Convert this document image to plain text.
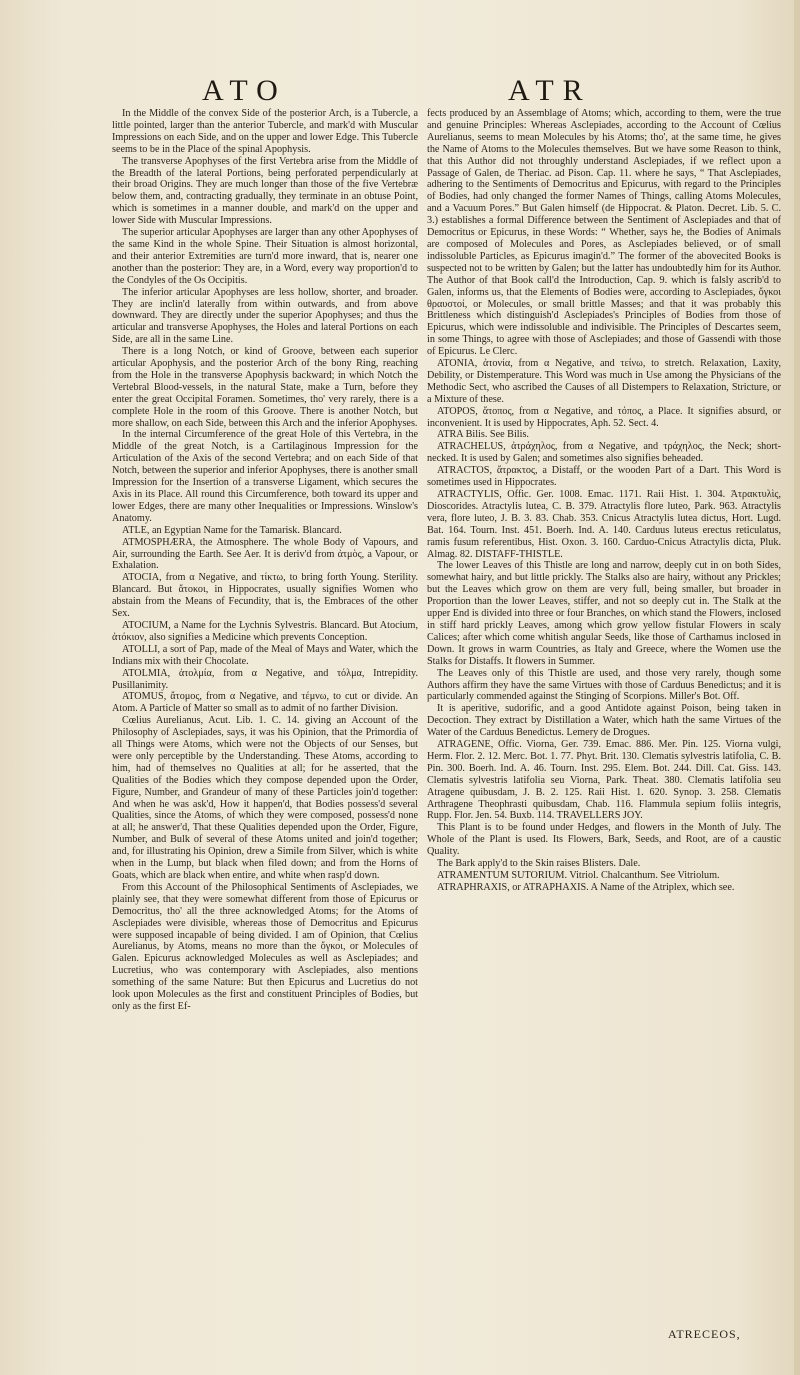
ATO	ATR

In the Middle of the convex Side of the posterior Arch, is a Tubercle, a little pointed, larger than the anterior Tubercle, and mark'd with Muscular Impressions on each Side, and on the upper and lower Edge. This Tubercle seems to be in the Place of the spinal Apophysis.

The transverse Apophyses of the first Vertebra arise from the Middle of the Breadth of the lateral Portions, being perforated perpendicularly at their broad Origins. They are much longer than those of the five Vertebræ below them, and, contracting gradually, they terminate in an obtuse Point, which is sometimes in a manner double, and mark'd on the upper and lower Side with Muscular Impressions.

The superior articular Apophyses are larger than any other Apophyses of the same Kind in the whole Spine. Their Situation is almost horizontal, and their anterior Extremities are turn'd more inward, that is, nearer one another than the posterior: They are, in a Word, every way proportion'd to the Condyles of the Os Occipitis.

The inferior articular Apophyses are less hollow, shorter, and broader. They are inclin'd laterally from within outwards, and from above downward. They are directly under the superior Apophyses; and thus the articular and transverse Apophyses, the Holes and lateral Portions on each Side, are all in the same Line.

There is a long Notch, or kind of Groove, between each superior articular Apophysis, and the posterior Arch of the bony Ring, reaching from the Hole in the transverse Apophysis backward; in which Notch the Vertebral Blood-vessels, in the natural State, make a Turn, before they enter the great Occipital Foramen. Sometimes, tho' very rarely, there is a complete Hole in the room of this Groove. There is another Notch, but more shallow, on each Side, between this Arch and the inferior Apophyses.

In the internal Circumference of the great Hole of this Vertebra, in the Middle of the great Notch, is a Cartilaginous Impression for the Articulation of the Axis of the second Vertebra; and on each Side of that Notch, between the superior and inferior Apophyses, there is another small Impression for the Insertion of a transverse Ligament, which secures the Axis in its Place. All round this Circumference, both toward its upper and lower Edges, there are many other Inequalities or Impressions. Winslow's Anatomy.

ATLE, an Egyptian Name for the Tamarisk. Blancard.

ATMOSPHÆRA, the Atmosphere. The whole Body of Vapours, and Air, surrounding the Earth. See Aer. It is deriv'd from ἀτμὸς, a Vapour, or Exhalation.

ATOCIA, from α Negative, and τίκτω, to bring forth Young. Sterility. Blancard. But ἄτοκοι, in Hippocrates, usually signifies Women who abstain from the Means of Fecundity, that is, the Embraces of the other Sex.

ATOCIUM, a Name for the Lychnis Sylvestris. Blancard. But Atocium, ἀτόκιον, also signifies a Medicine which prevents Conception.

ATOLLI, a sort of Pap, made of the Meal of Mays and Water, which the Indians mix with their Chocolate.

ATOLMIA, ἀτολμία, from α Negative, and τόλμα, Intrepidity. Pusillanimity.

ATOMUS, ἄτομος, from α Negative, and τέμνω, to cut or divide. An Atom. A Particle of Matter so small as to admit of no farther Division.

Cœlius Aurelianus, Acut. Lib. 1. C. 14. giving an Account of the Philosophy of Asclepiades, says, it was his Opinion, that the Primordia of all Things were Atoms, which were not the Objects of our Senses, but were only perceptible by the Understanding. These Atoms, according to him, had of themselves no Qualities at all; for he asserted, that the Qualities of the Bodies which they compose depended upon the Order, Figure, Number, and Grandeur of many of these Particles join'd together: And when he was ask'd, How it happen'd, that Bodies possess'd several Qualities, since the Atoms, of which they were composed, possess'd none at all; he answer'd, That these Qualities depended upon the Order, Figure, Number, and Bulk of several of these Atoms united and join'd together; and, for illustrating his Opinion, drew a Simile from Silver, which is white when in the Lump, but black when filed down; and from the Horns of Goats, which are black when entire, and white when rasp'd down.

From this Account of the Philosophical Sentiments of Asclepiades, we plainly see, that they were somewhat different from those of Epicurus or Democritus, tho' all the three acknowledged Atoms; for the Atoms of Asclepiades were divisible, whereas those of Democritus and Epicurus were supposed incapable of being divided. I am of Opinion, that Cœlius Aurelianus, by Atoms, means no more than the ὄγκοι, or Molecules of Galen. Epicurus acknowledged Molecules as well as Asclepiades; and Lucretius, who was contemporary with Asclepiades, also mentions something of the same Nature: But then Epicurus and Lucretius do not look upon Molecules as the first and constituent Principles of Bodies, but only as the first Ef-

fects produced by an Assemblage of Atoms; which, according to them, were the true and genuine Principles: Whereas Asclepiades, according to the Account of Cœlius Aurelianus, seems to mean Molecules by his Atoms; tho', at the same time, he gives the Name of Atoms to the Molecules themselves. But we have some Reason to think, that this Author did not throughly understand Asclepiades, if we reflect upon a Passage of Galen, de Theriac. ad Pison. Cap. 11. where he says, “ That Asclepiades, adhering to the Sentiments of Democritus and Epicurus, with regard to the Principles of Bodies, had only changed the former Names of Things, calling Atoms Molecules, and a Vacuum Pores.” But Galen himself (de Hippocrat. & Platon. Decret. Lib. 5. C. 3.) establishes a formal Difference between the Sentiment of Asclepiades and that of Democritus or Epicurus, in these Words: “ Whether, says he, the Bodies of Animals are composed of Molecules and Pores, as Asclepiades believed, or of small indissoluble Particles, as Epicurus imagin'd.” The former of the abovecited Books is suspected not to be written by Galen; but the latter has undoubtedly him for its Author. The Author of that Book call'd the Introduction, Cap. 9. which is falsly ascrib'd to Galen, informs us, that the Elements of Bodies were, according to Asclepiades, ὄγκοι θραυστοί, or Molecules, or small brittle Masses; and that it was probably this Brittleness which distinguish'd Asclepiades's Principles of Bodies from those of Epicurus, which were indissoluble and indivisible. The Principles of Descartes seem, in some Things, to agree with those of Asclepiades; and those of Gassendi with those of Epicurus. Le Clerc.

ATONIA, ἀτονία, from α Negative, and τείνω, to stretch. Relaxation, Laxity, Debility, or Distemperature. This Word was much in Use among the Physicians of the Methodic Sect, who ascribed the Causes of all Distempers to Relaxation, Stricture, or a Mixture of these.

ATOPOS, ἄτοπος, from α Negative, and τόπος, a Place. It signifies absurd, or inconvenient. It is used by Hippocrates, Aph. 52. Sect. 4.

ATRA Bilis. See Bilis.

ATRACHELUS, ἀτράχηλος, from α Negative, and τράχηλος, the Neck; short-necked. It is used by Galen; and sometimes also signifies beheaded.

ATRACTOS, ἄτρακτος, a Distaff, or the wooden Part of a Dart. This Word is sometimes used in Hippocrates.

ATRACTYLIS, Offic. Ger. 1008. Emac. 1171. Raii Hist. 1. 304. Ἀτρακτυλὶς, Dioscorides. Atractylis lutea, C. B. 379. Atractylis flore luteo, Park. 963. Atractylis vera, flore luteo, J. B. 3. 83. Chab. 353. Cnicus Atractylis lutea dictus, Hort. Lugd. Bat. 164. Tourn. Inst. 451. Boerh. Ind. A. 140. Carduus luteus erectus reticulatus, ramis fusum referentibus, Hist. Oxon. 3. 160. Carduo-Cnicus Atractylis dicta, Pluk. Almag. 82. DISTAFF-THISTLE.

The lower Leaves of this Thistle are long and narrow, deeply cut in on both Sides, somewhat hairy, and but little prickly. The Stalks also are hairy, without any Prickles; but the Leaves which grow on them are very full, being smaller, but broader in Proportion than the lower Leaves, stiffer, and not so deeply cut in. The Stalk at the upper End is divided into three or four Branches, on which stand the Flowers, inclosed in stiff hard prickly Leaves, among which grow yellow fistular Flowers in scaly Calices; after which come whitish angular Seeds, like those of Carthamus inclosed in Down. It grows in warm Countries, as Italy and Greece, where the Women use the Stalks for Distaffs. It flowers in Summer.

The Leaves only of this Thistle are used, and those very rarely, though some Authors affirm they have the same Virtues with those of Carduus Benedictus; and it is particularly commended against the Stinging of Scorpions. Miller's Bot. Off.

It is aperitive, sudorific, and a good Antidote against Poison, being taken in Decoction. They extract by Distillation a Water, which hath the same Virtues of the Water of the Carduus Benedictus. Lemery de Drogues.

ATRAGENE, Offic. Viorna, Ger. 739. Emac. 886. Mer. Pin. 125. Viorna vulgi, Herm. Flor. 2. 12. Merc. Bot. 1. 77. Phyt. Brit. 130. Clematis sylvestris latifolia, C. B. Pin. 300. Boerh. Ind. A. 46. Tourn. Inst. 295. Elem. Bot. 244. Dill. Cat. Giss. 143. Clematis sylvestris latifolia seu Viorna, Park. Theat. 380. Clematis latifolia seu Atragene quibusdam, J. B. 2. 125. Raii Hist. 1. 620. Synop. 3. 258. Clematis Arthragene Theophrasti quibusdam, Chab. 116. Flammula sepium foliis integris, Rupp. Flor. Jen. 54. Buxb. 114. TRAVELLERS JOY.

This Plant is to be found under Hedges, and flowers in the Month of July. The Whole of the Plant is used. Its Flowers, Bark, Seeds, and Root, are of a caustic Quality.

The Bark apply'd to the Skin raises Blisters. Dale.

ATRAMENTUM SUTORIUM. Vitriol. Chalcanthum. See Vitriolum.

ATRAPHRAXIS, or ATRAPHAXIS. A Name of the Atriplex, which see.

ATRECEOS,
